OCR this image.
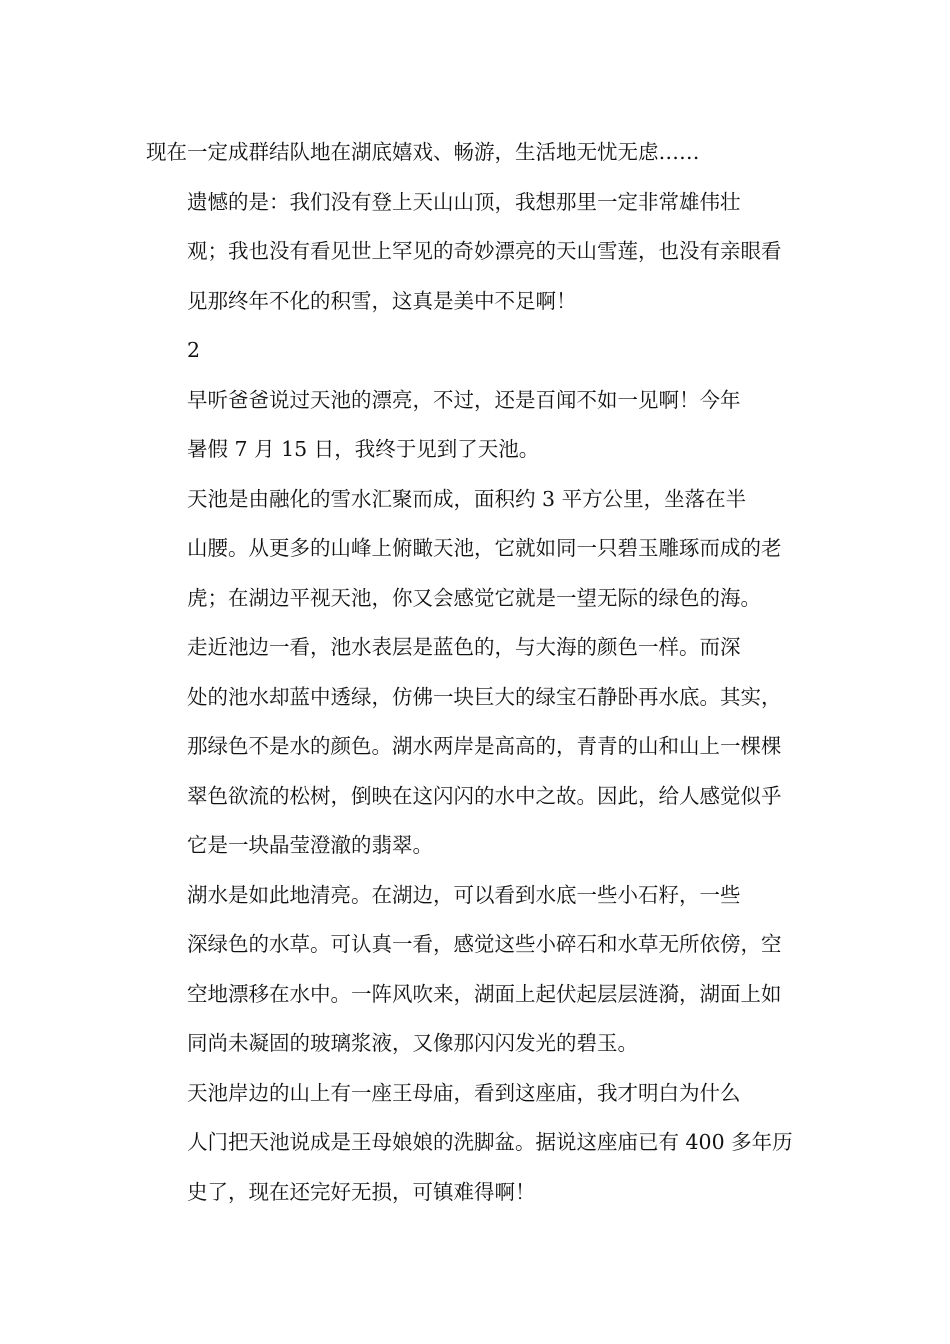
现在一定成群结队地在湖底嬉戏、畅游，生活地无忧无虑……

遗憾的是：我们没有登上天山山顶，我想那里一定非常雄伟壮
观；我也没有看见世上罕见的奇妙漂亮的天山雪莲，也没有亲眼看
见那终年不化的积雪，这真是美中不足啊！

2

早听爸爸说过天池的漂亮，不过，还是百闻不如一见啊！今年
暑假 7 月 15 日，我终于见到了天池。

天池是由融化的雪水汇聚而成，面积约 3 平方公里，坐落在半
山腰。从更多的山峰上俯瞰天池，它就如同一只碧玉雕琢而成的老
虎；在湖边平视天池，你又会感觉它就是一望无际的绿色的海。

走近池边一看，池水表层是蓝色的，与大海的颜色一样。而深
处的池水却蓝中透绿，仿佛一块巨大的绿宝石静卧再水底。其实，
那绿色不是水的颜色。湖水两岸是高高的，青青的山和山上一棵棵
翠色欲流的松树，倒映在这闪闪的水中之故。因此，给人感觉似乎
它是一块晶莹澄澈的翡翠。

湖水是如此地清亮。在湖边，可以看到水底一些小石籽，一些
深绿色的水草。可认真一看，感觉这些小碎石和水草无所依傍，空
空地漂移在水中。一阵风吹来，湖面上起伏起层层涟漪，湖面上如
同尚未凝固的玻璃浆液，又像那闪闪发光的碧玉。

天池岸边的山上有一座王母庙，看到这座庙，我才明白为什么
人门把天池说成是王母娘娘的洗脚盆。据说这座庙已有 400 多年历
史了，现在还完好无损，可镇难得啊！
